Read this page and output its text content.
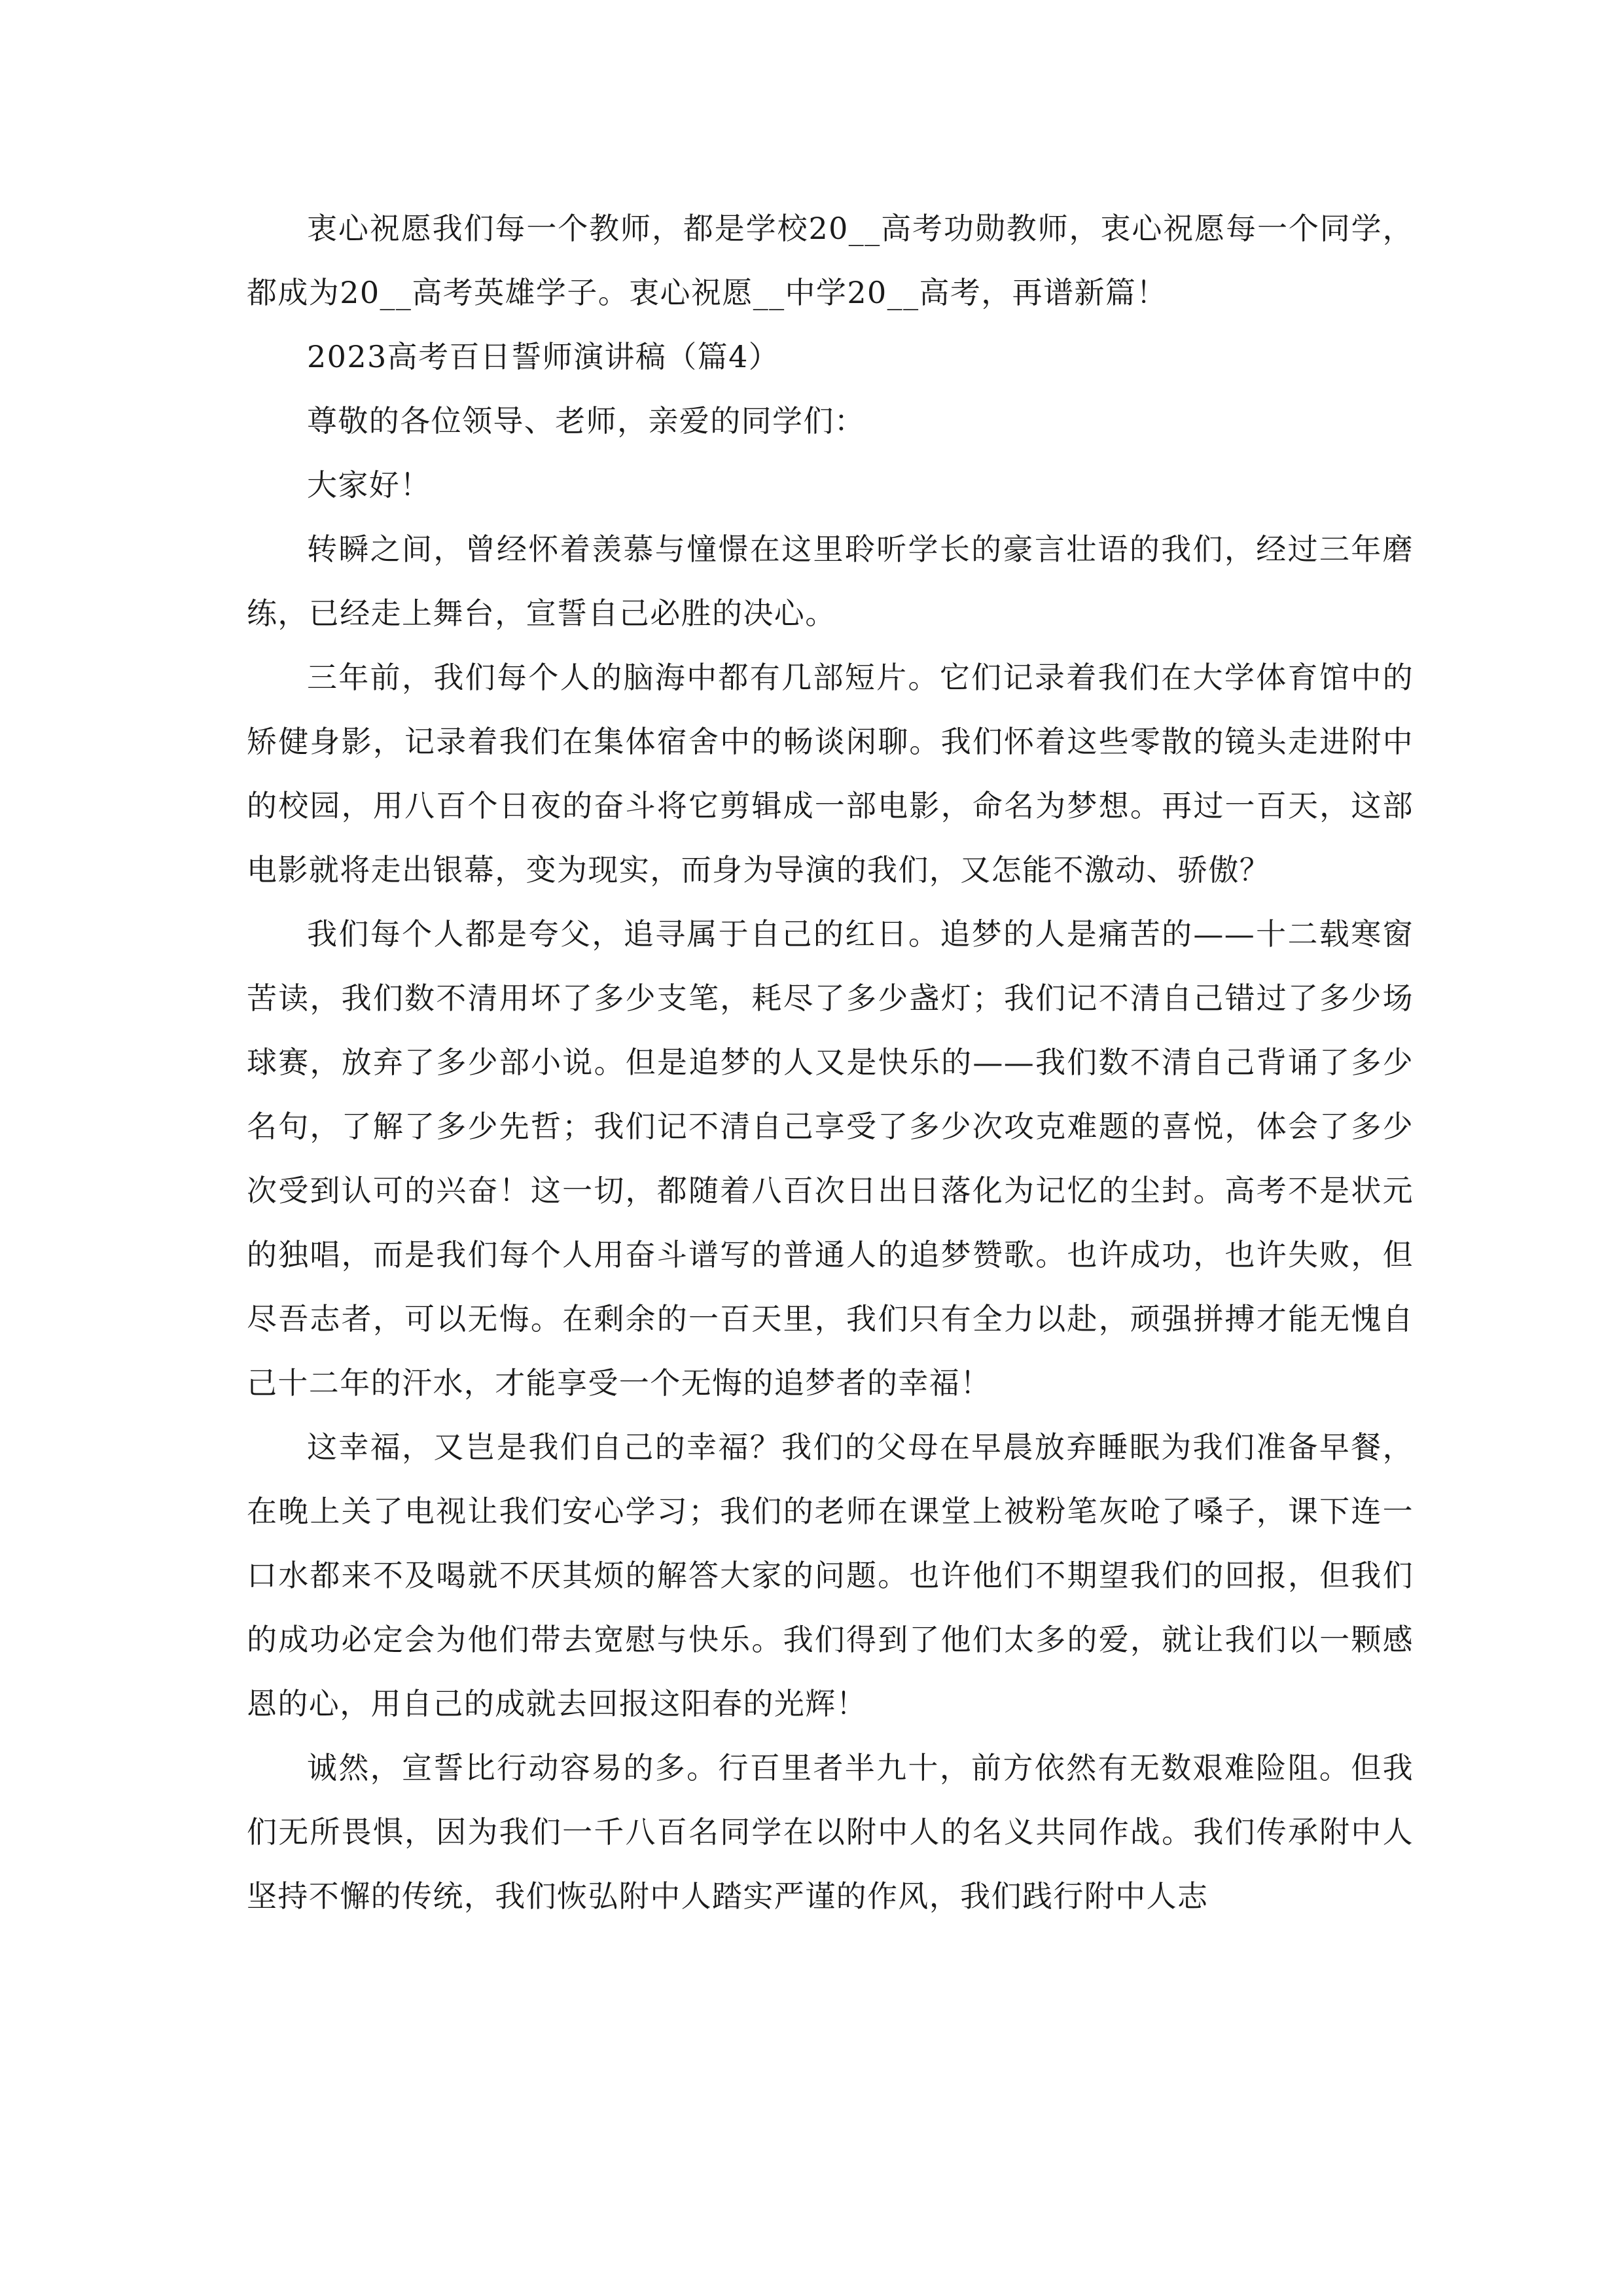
衷心祝愿我们每一个教师，都是学校20__高考功勋教师，衷心祝愿每一个同学，都成为20__高考英雄学子。衷心祝愿__中学20__高考，再谱新篇！

2023高考百日誓师演讲稿（篇4）

尊敬的各位领导、老师，亲爱的同学们：

大家好！

转瞬之间，曾经怀着羡慕与憧憬在这里聆听学长的豪言壮语的我们，经过三年磨练，已经走上舞台，宣誓自己必胜的决心。

三年前，我们每个人的脑海中都有几部短片。它们记录着我们在大学体育馆中的矫健身影，记录着我们在集体宿舍中的畅谈闲聊。我们怀着这些零散的镜头走进附中的校园，用八百个日夜的奋斗将它剪辑成一部电影，命名为梦想。再过一百天，这部电影就将走出银幕，变为现实，而身为导演的我们，又怎能不激动、骄傲？

我们每个人都是夸父，追寻属于自己的红日。追梦的人是痛苦的——十二载寒窗苦读，我们数不清用坏了多少支笔，耗尽了多少盏灯；我们记不清自己错过了多少场球赛，放弃了多少部小说。但是追梦的人又是快乐的——我们数不清自己背诵了多少名句，了解了多少先哲；我们记不清自己享受了多少次攻克难题的喜悦，体会了多少次受到认可的兴奋！这一切，都随着八百次日出日落化为记忆的尘封。高考不是状元的独唱，而是我们每个人用奋斗谱写的普通人的追梦赞歌。也许成功，也许失败，但尽吾志者，可以无悔。在剩余的一百天里，我们只有全力以赴，顽强拼搏才能无愧自己十二年的汗水，才能享受一个无悔的追梦者的幸福！

这幸福，又岂是我们自己的幸福？我们的父母在早晨放弃睡眠为我们准备早餐，在晚上关了电视让我们安心学习；我们的老师在课堂上被粉笔灰呛了嗓子，课下连一口水都来不及喝就不厌其烦的解答大家的问题。也许他们不期望我们的回报，但我们的成功必定会为他们带去宽慰与快乐。我们得到了他们太多的爱，就让我们以一颗感恩的心，用自己的成就去回报这阳春的光辉！

诚然，宣誓比行动容易的多。行百里者半九十，前方依然有无数艰难险阻。但我们无所畏惧，因为我们一千八百名同学在以附中人的名义共同作战。我们传承附中人坚持不懈的传统，我们恢弘附中人踏实严谨的作风，我们践行附中人志
